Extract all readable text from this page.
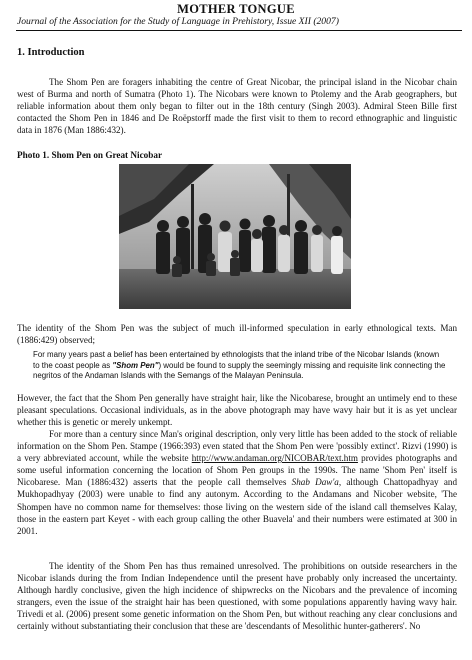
MOTHER TONGUE
Journal of the Association for the Study of Language in Prehistory, Issue XII (2007)
1. Introduction
The Shom Pen are foragers inhabiting the centre of Great Nicobar, the principal island in the Nicobar chain west of Burma and north of Sumatra (Photo 1). The Nicobars were known to Ptolemy and the Arab geographers, but reliable information about them only began to filter out in the 18th century (Singh 2003). Admiral Steen Bille first contacted the Shom Pen in 1846 and De Roëpstorff made the first visit to them to record ethnographic and linguistic data in 1876 (Man 1886:432).
Photo 1. Shom Pen on Great Nicobar
The identity of the Shom Pen was the subject of much ill-informed speculation in early ethnological texts. Man (1886:429) observed;
For many years past a belief has been entertained by ethnologists that the inland tribe of the Nicobar Islands (known to the coast people as "Shom Pen") would be found to supply the seemingly missing and requisite link connecting the negritos of the Andaman Islands with the Semangs of the Malayan Peninsula.
However, the fact that the Shom Pen generally have straight hair, like the Nicobarese, brought an untimely end to these pleasant speculations. Occasional individuals, as in the above photograph may have wavy hair but it is as yet unclear whether this is genetic or merely unkempt.
For more than a century since Man's original description, only very little has been added to the stock of reliable information on the Shom Pen. Stampe (1966:393) even stated that the Shom Pen were 'possibly extinct'. Rizvi (1990) is a very abbreviated account, while the website http://www.andaman.org/NICOBAR/text.htm provides photographs and some useful information concerning the location of Shom Pen groups in the 1990s. The name 'Shom Pen' itself is Nicobarese. Man (1886:432) asserts that the people call themselves Shab Daw'a, although Chattopadhyay and Mukhopadhyay (2003) were unable to find any autonym. According to the Andamans and Nicober website, 'The Shompen have no common name for themselves: those living on the western side of the island call themselves Kalay, those in the eastern part Keyet - with each group calling the other Buavela' and their numbers were estimated at 300 in 2001.
The identity of the Shom Pen has thus remained unresolved. The prohibitions on outside researchers in the Nicobar islands during the from Indian Independence until the present have probably only increased the uncertainty. Although hardly conclusive, given the high incidence of shipwrecks on the Nicobars and the prevalence of incoming strangers, even the issue of the straight hair has been questioned, with some populations apparently having wavy hair. Trivedi et al. (2006) present some genetic information on the Shom Pen, but without reaching any clear conclusions and certainly without substantiating their conclusion that these are 'descendants of Mesolithic hunter-gatherers'. No
